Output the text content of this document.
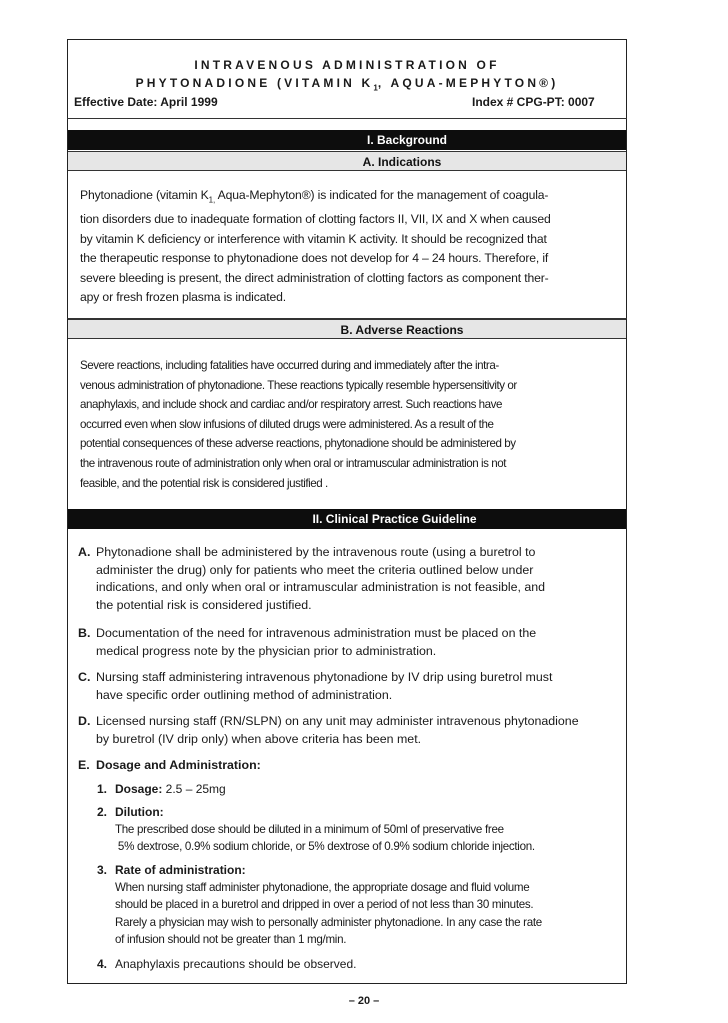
INTRAVENOUS ADMINISTRATION OF
PHYTONADIONE (VITAMIN $K_1$, AQUA-MEPHYTON®)
Effective Date: April 1999	Index # CPG-PT: 0007
I. Background
A. Indications
Phytonadione (vitamin $K_{1,}$ Aqua-Mephyton®) is indicated for the management of coagula-
tion disorders due to inadequate formation of clotting factors II, VII, IX and X when caused
by vitamin K deficiency or interference with vitamin K activity. It should be recognized that
the therapeutic response to phytonadione does not develop for 4 – 24 hours. Therefore, if
severe bleeding is present, the direct administration of clotting factors as component ther-
apy or fresh frozen plasma is indicated.
B. Adverse Reactions
Severe reactions, including fatalities have occurred during and immediately after the intra-
venous administration of phytonadione. These reactions typically resemble hypersensitivity or
anaphylaxis, and include shock and cardiac and/or respiratory arrest. Such reactions have
occurred even when slow infusions of diluted drugs were administered. As a result of the
potential consequences of these adverse reactions, phytonadione should be administered by
the intravenous route of administration only when oral or intramuscular administration is not
feasible, and the potential risk is considered justified .
II. Clinical Practice Guideline
A. Phytonadione shall be administered by the intravenous route (using a buretrol to
administer the drug) only for patients who meet the criteria outlined below under
indications, and only when oral or intramuscular administration is not feasible, and
the potential risk is considered justified.
B. Documentation of the need for intravenous administration must be placed on the
medical progress note by the physician prior to administration.
C. Nursing staff administering intravenous phytonadione by IV drip using buretrol must
have specific order outlining method of administration.
D. Licensed nursing staff (RN/SLPN) on any unit may administer intravenous phytonadione
by buretrol (IV drip only) when above criteria has been met.
E. Dosage and Administration:
1. Dosage: 2.5 – 25mg
2. Dilution:
The prescribed dose should be diluted in a minimum of 50ml of preservative free
5% dextrose, 0.9% sodium chloride, or 5% dextrose of 0.9% sodium chloride injection.
3. Rate of administration:
When nursing staff administer phytonadione, the appropriate dosage and fluid volume
should be placed in a buretrol and dripped in over a period of not less than 30 minutes.
Rarely a physician may wish to personally administer phytonadione. In any case the rate
of infusion should not be greater than 1 mg/min.
4. Anaphylaxis precautions should be observed.
– 20 –
